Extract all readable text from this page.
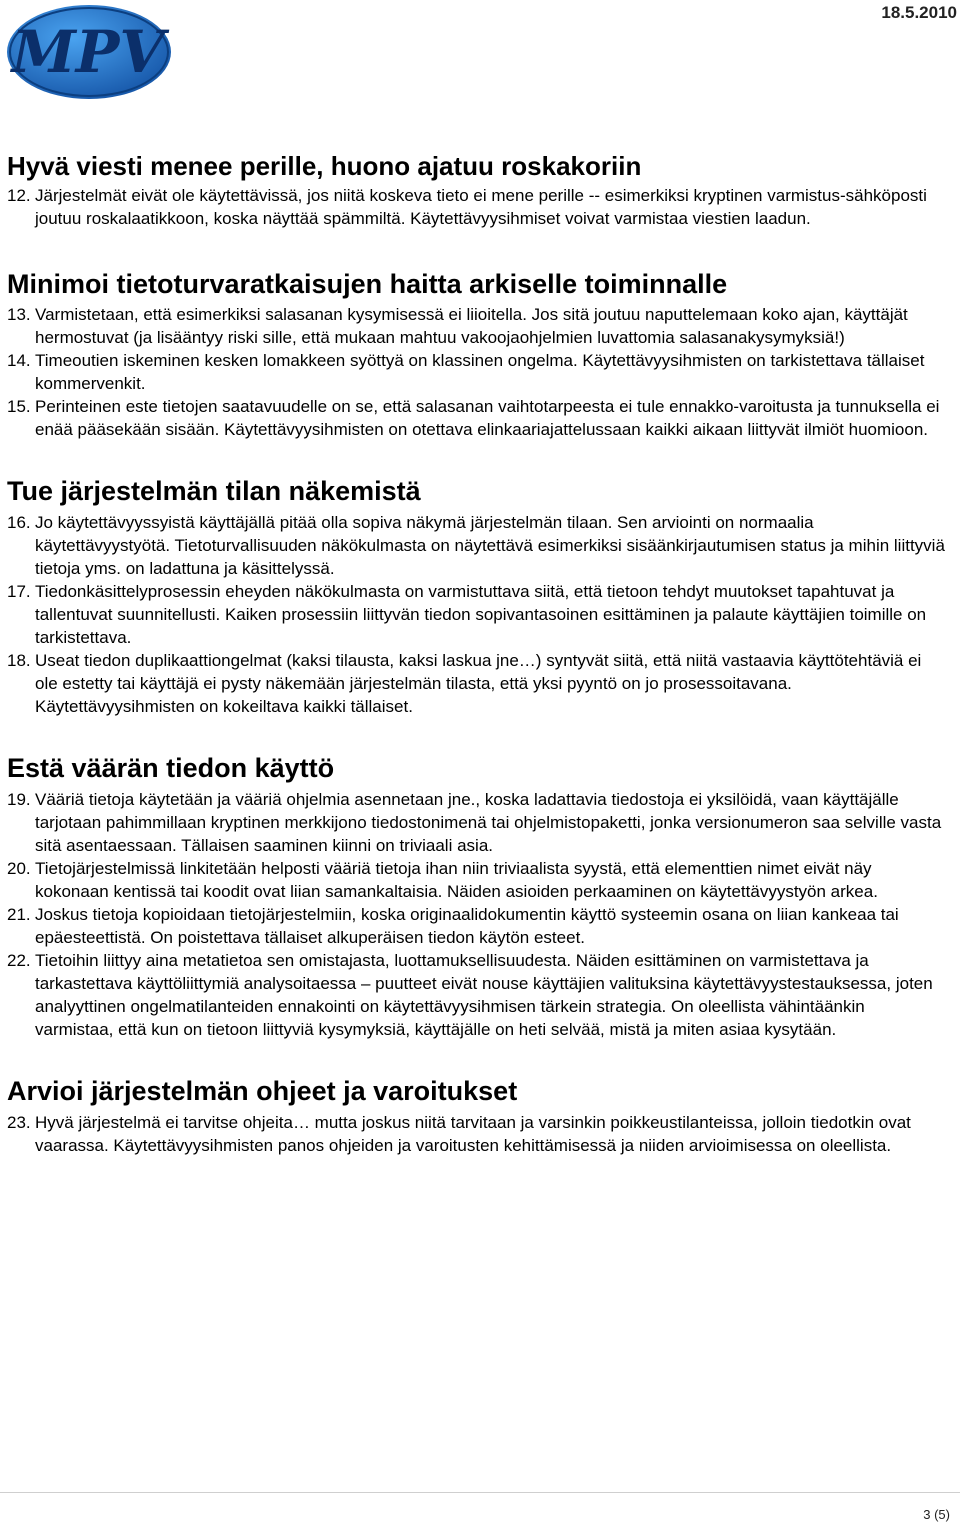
MPV
18.5.2010
Hyvä viesti menee perille, huono ajatuu roskakoriin
12. Järjestelmät eivät ole käytettävissä, jos niitä koskeva tieto ei mene perille -- esimerkiksi kryptinen varmistus-sähköposti joutuu roskalaatikkoon, koska näyttää spämmiltä. Käytettävyysihmiset voivat varmistaa viestien laadun.
Minimoi tietoturvaratkaisujen haitta arkiselle toiminnalle
13. Varmistetaan, että esimerkiksi salasanan kysymisessä ei liioitella. Jos sitä joutuu naputtelemaan koko ajan, käyttäjät hermostuvat (ja lisääntyy riski sille, että mukaan mahtuu vakoojaohjelmien luvattomia salasanakysymyksiä!)
14. Timeoutien iskeminen kesken lomakkeen syöttyä on klassinen ongelma. Käytettävyysihmisten on tarkistettava tällaiset kommervenkit.
15. Perinteinen este tietojen saatavuudelle on se, että salasanan vaihtotarpeesta ei tule ennakko-varoitusta ja tunnuksella ei enää pääsekään sisään. Käytettävyysihmisten on otettava elinkaariajattelussaan kaikki aikaan liittyvät ilmiöt huomioon.
Tue järjestelmän tilan näkemistä
16. Jo käytettävyyssyistä käyttäjällä pitää olla sopiva näkymä järjestelmän tilaan. Sen arviointi on normaalia käytettävyystyötä. Tietoturvallisuuden näkökulmasta on näytettävä esimerkiksi sisäänkirjautumisen status ja mihin liittyviä tietoja yms. on ladattuna ja käsittelyssä.
17. Tiedonkäsittelyprosessin eheyden näkökulmasta on varmistuttava siitä, että tietoon tehdyt muutokset tapahtuvat ja tallentuvat suunnitellusti. Kaiken prosessiin liittyvän tiedon sopivantasoinen esittäminen ja palaute käyttäjien toimille on tarkistettava.
18. Useat tiedon duplikaattiongelmat (kaksi tilausta, kaksi laskua jne…) syntyvät siitä, että niitä vastaavia käyttötehtäviä ei ole estetty tai käyttäjä ei pysty näkemään järjestelmän tilasta, että yksi pyyntö on jo prosessoitavana. Käytettävyysihmisten on kokeiltava kaikki tällaiset.
Estä väärän tiedon käyttö
19. Vääriä tietoja käytetään ja vääriä ohjelmia asennetaan jne., koska ladattavia tiedostoja ei yksilöidä, vaan käyttäjälle tarjotaan pahimmillaan kryptinen merkkijono tiedostonimenä tai ohjelmistopaketti, jonka versionumeron saa selville vasta sitä asentaessaan. Tällaisen saaminen kiinni on triviaali asia.
20. Tietojärjestelmissä linkitetään helposti vääriä tietoja ihan niin triviaalista syystä, että elementtien nimet eivät näy kokonaan kentissä tai koodit ovat liian samankaltaisia. Näiden asioiden perkaaminen on käytettävyystyön arkea.
21. Joskus tietoja kopioidaan tietojärjestelmiin, koska originaalidokumentin käyttö systeemin osana on liian kankeaa tai epäesteettistä. On poistettava tällaiset alkuperäisen tiedon käytön esteet.
22. Tietoihin liittyy aina metatietoa sen omistajasta, luottamuksellisuudesta. Näiden esittäminen on varmistettava ja tarkastettava käyttöliittymiä analysoitaessa – puutteet eivät nouse käyttäjien valituksina käytettävyystestauksessa, joten analyyttinen ongelmatilanteiden ennakointi on käytettävyysihmisen tärkein strategia. On oleellista vähintäänkin varmistaa, että kun on tietoon liittyviä kysymyksiä, käyttäjälle on heti selvää, mistä ja miten asiaa kysytään.
Arvioi järjestelmän ohjeet ja varoitukset
23. Hyvä järjestelmä ei tarvitse ohjeita… mutta joskus niitä tarvitaan ja varsinkin poikkeustilanteissa, jolloin tiedotkin ovat vaarassa. Käytettävyysihmisten panos ohjeiden ja varoitusten kehittämisessä ja niiden arvioimisessa on oleellista.
3 (5)
